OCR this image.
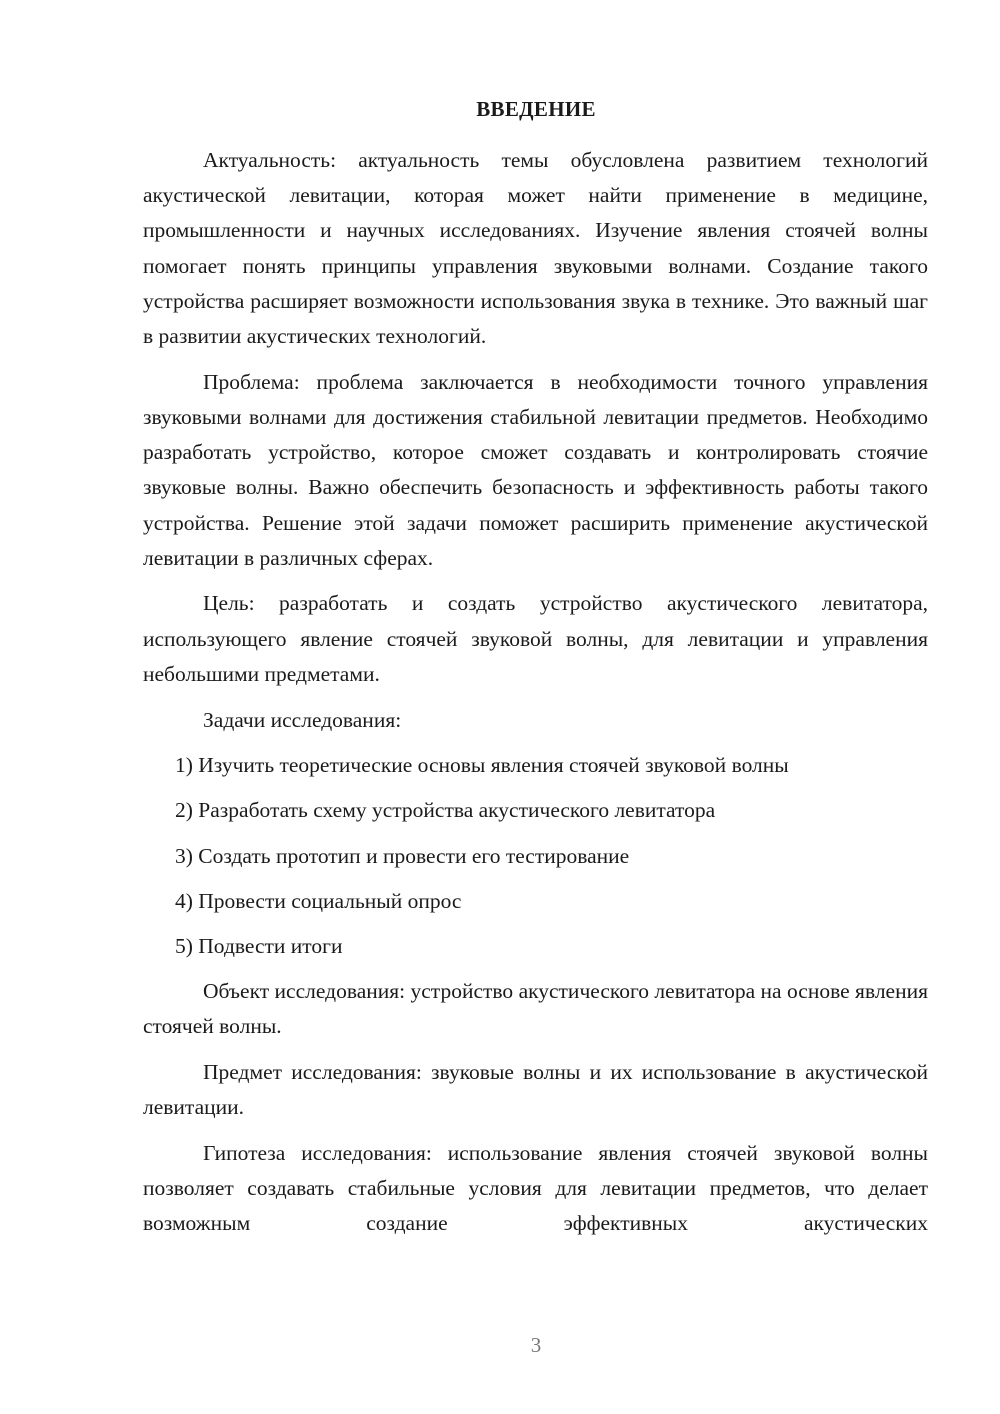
ВВЕДЕНИЕ

Актуальность: актуальность темы обусловлена развитием технологий акустической левитации, которая может найти применение в медицине, промышленности и научных исследованиях. Изучение явления стоячей волны помогает понять принципы управления звуковыми волнами. Создание такого устройства расширяет возможности использования звука в технике. Это важный шаг в развитии акустических технологий.

Проблема: проблема заключается в необходимости точного управления звуковыми волнами для достижения стабильной левитации предметов. Необходимо разработать устройство, которое сможет создавать и контролировать стоячие звуковые волны. Важно обеспечить безопасность и эффективность работы такого устройства. Решение этой задачи поможет расширить применение акустической левитации в различных сферах.

Цель: разработать и создать устройство акустического левитатора, использующего явление стоячей звуковой волны, для левитации и управления небольшими предметами.

Задачи исследования:

1) Изучить теоретические основы явления стоячей звуковой волны

2) Разработать схему устройства акустического левитатора

3) Создать прототип и провести его тестирование

4) Провести социальный опрос

5) Подвести итоги

Объект исследования: устройство акустического левитатора на основе явления стоячей волны.

Предмет исследования: звуковые волны и их использование в акустической левитации.

Гипотеза исследования: использование явления стоячей звуковой волны позволяет создавать стабильные условия для левитации предметов, что делает возможным создание эффективных акустических

3
